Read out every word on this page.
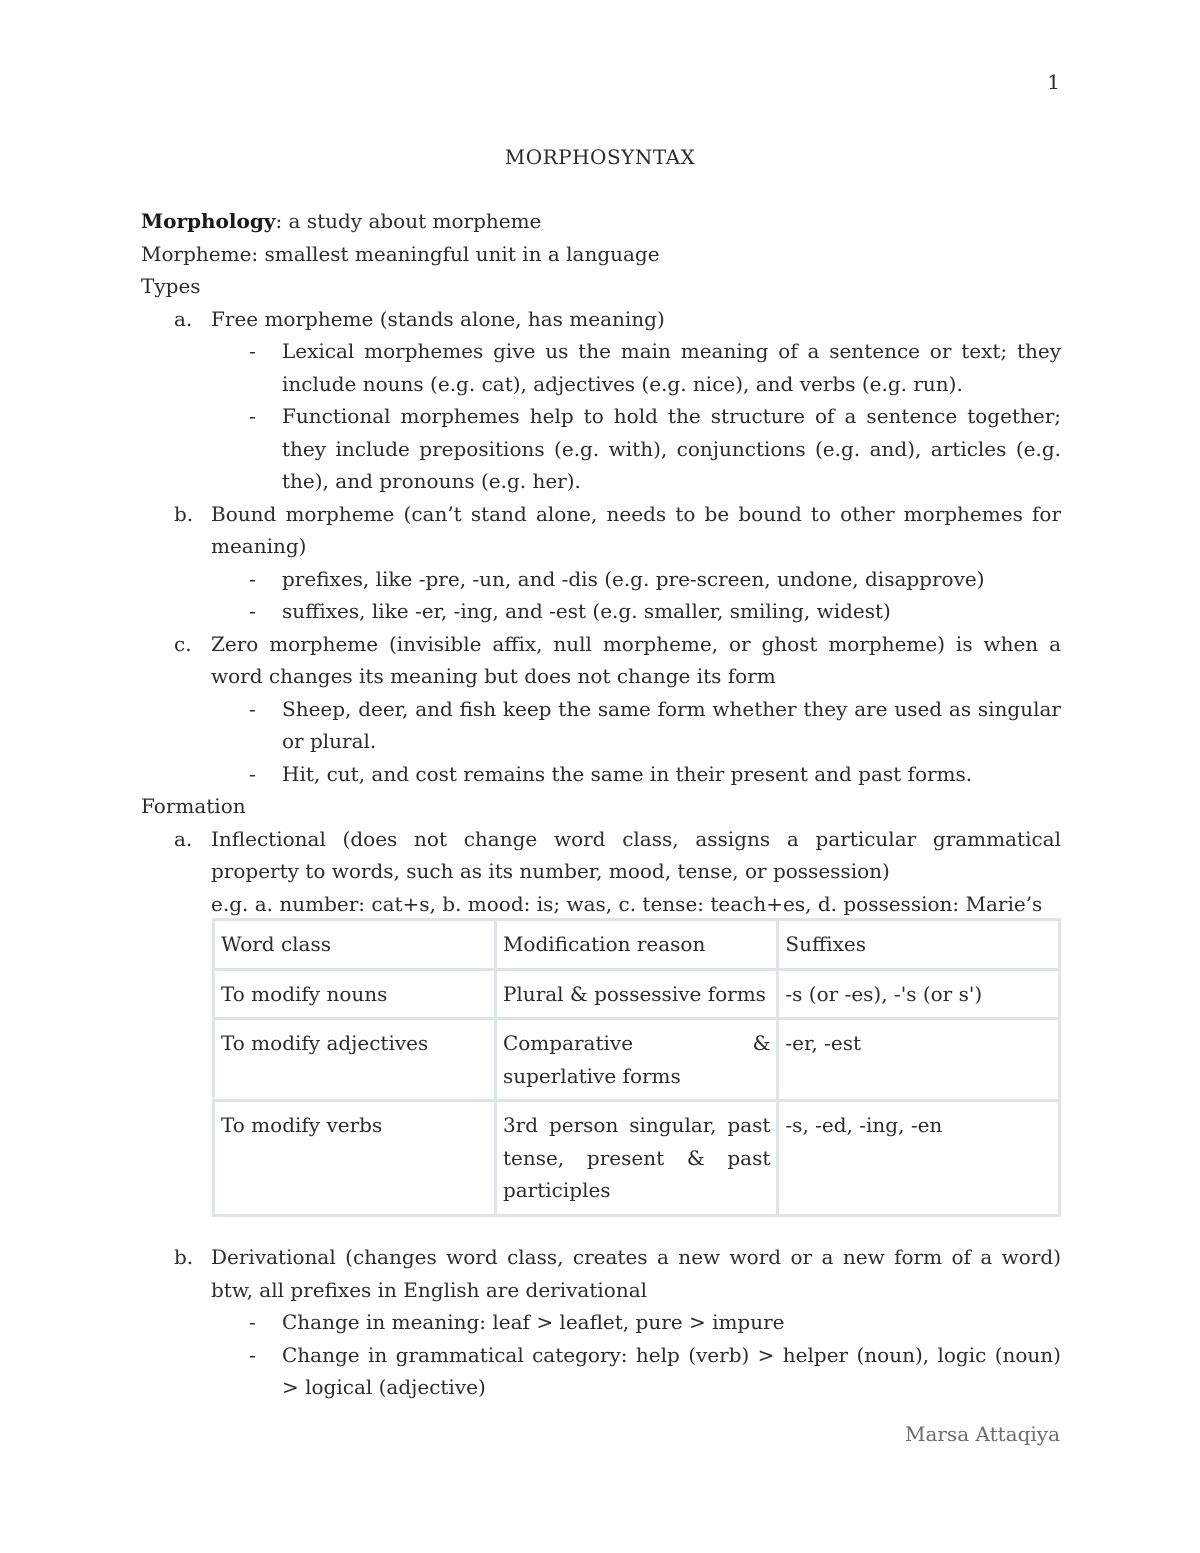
1
MORPHOSYNTAX

Morphology: a study about morpheme

Morpheme: smallest meaningful unit in a language

Types

a. Free morpheme (stands alone, has meaning)
-	Lexical morphemes give us the main meaning of a sentence or text; they include nouns (e.g. cat), adjectives (e.g. nice), and verbs (e.g. run).
-	Functional morphemes help to hold the structure of a sentence together; they include prepositions (e.g. with), conjunctions (e.g. and), articles (e.g. the), and pronouns (e.g. her).
b. Bound morpheme (can’t stand alone, needs to be bound to other morphemes for meaning)
-	prefixes, like -pre, -un, and -dis (e.g. pre-screen, undone, disapprove)
-	suffixes, like -er, -ing, and -est (e.g. smaller, smiling, widest)
c. Zero morpheme (invisible affix, null morpheme, or ghost morpheme) is when a word changes its meaning but does not change its form
-	Sheep, deer, and fish keep the same form whether they are used as singular or plural.
-	Hit, cut, and cost remains the same in their present and past forms.

Formation

a. Inflectional (does not change word class, assigns a particular grammatical property to words, such as its number, mood, tense, or possession)
e.g. a. number: cat+s, b. mood: is; was, c. tense: teach+es, d. possession: Marie’s
Word class	Modification reason	Suffixes
To modify nouns	Plural & possessive forms	-s (or -es), -'s (or s')
To modify adjectives	Comparative & superlative forms	-er, -est
To modify verbs	3rd person singular, past tense, present & past participles	-s, -ed, -ing, -en
b. Derivational (changes word class, creates a new word or a new form of a word) btw, all prefixes in English are derivational
-	Change in meaning: leaf > leaflet, pure > impure
-	Change in grammatical category: help (verb) > helper (noun), logic (noun) > logical (adjective)
Marsa Attaqiya
